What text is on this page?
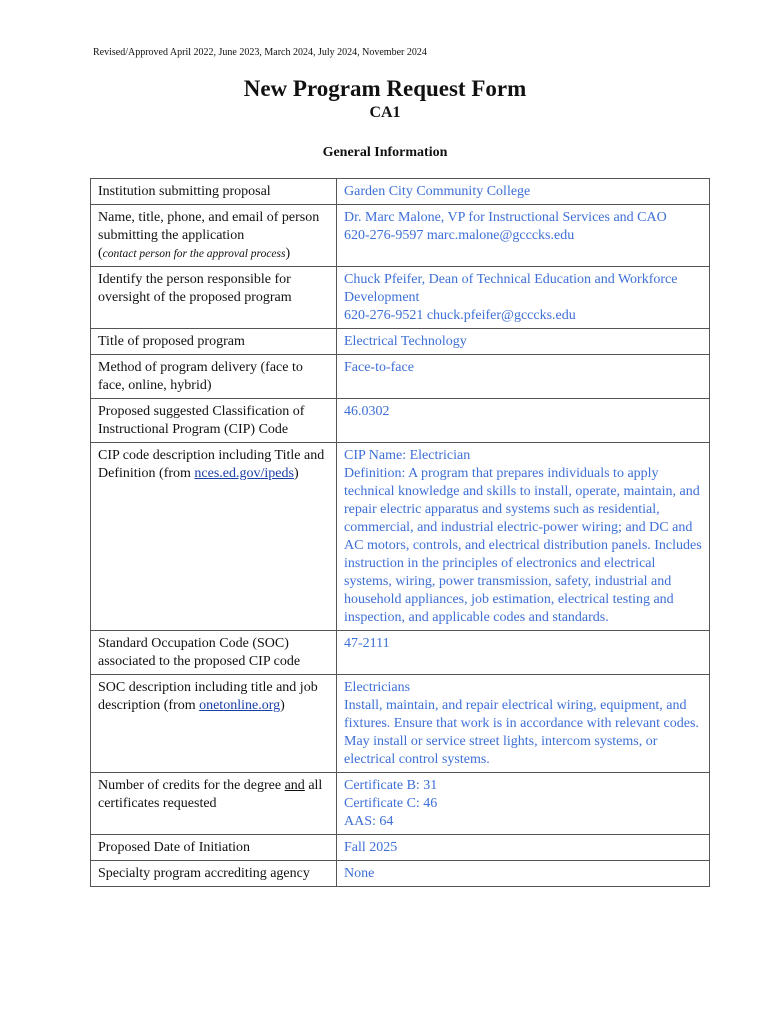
Revised/Approved April 2022, June 2023, March 2024, July 2024, November 2024
New Program Request Form
CA1
General Information
Institution submitting proposal	Garden City Community College
Name, title, phone, and email of person submitting the application
(contact person for the approval process)	Dr. Marc Malone, VP for Instructional Services and CAO
620-276-9597 marc.malone@gcccks.edu

Identify the person responsible for oversight of the proposed program	Chuck Pfeifer, Dean of Technical Education and Workforce Development
620-276-9521 chuck.pfeifer@gcccks.edu

Title of proposed program	Electrical Technology
Method of program delivery (face to face, online, hybrid)	Face-to-face
Proposed suggested Classification of Instructional Program (CIP) Code	46.0302
CIP code description including Title and Definition (from nces.ed.gov/ipeds)	CIP Name: Electrician
Definition: A program that prepares individuals to apply technical knowledge and skills to install, operate, maintain, and repair electric apparatus and systems such as residential, commercial, and industrial electric-power wiring; and DC and AC motors, controls, and electrical distribution panels. Includes instruction in the principles of electronics and electrical systems, wiring, power transmission, safety, industrial and household appliances, job estimation, electrical testing and inspection, and applicable codes and standards.

Standard Occupation Code (SOC) associated to the proposed CIP code	47-2111
SOC description including title and job description (from onetonline.org)	Electricians
Install, maintain, and repair electrical wiring, equipment, and fixtures. Ensure that work is in accordance with relevant codes. May install or service street lights, intercom systems, or electrical control systems.

Number of credits for the degree and all certificates requested	Certificate B: 31
Certificate C: 46
AAS: 64

Proposed Date of Initiation	Fall 2025
Specialty program accrediting agency	None
